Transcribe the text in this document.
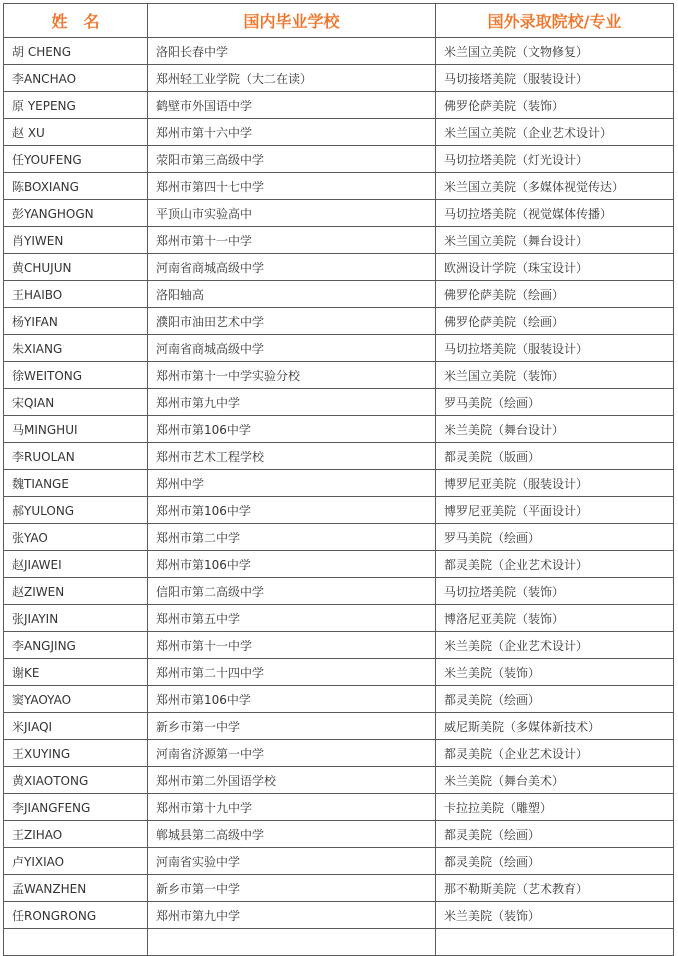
姓　名	国内毕业学校	国外录取院校/专业
胡 CHENG	洛阳长春中学	米兰国立美院（文物修复）
李ANCHAO	郑州轻工业学院（大二在读）	马切接塔美院（服装设计）
原 YEPENG	鹤壁市外国语中学	佛罗伦萨美院（装饰）
赵 XU	郑州市第十六中学	米兰国立美院（企业艺术设计）
任YOUFENG	荥阳市第三高级中学	马切拉塔美院（灯光设计）
陈BOXIANG	郑州市第四十七中学	米兰国立美院（多媒体视觉传达）
彭YANGHOGN	平顶山市实验高中	马切拉塔美院（视觉媒体传播）
肖YIWEN	郑州市第十一中学	米兰国立美院（舞台设计）
黄CHUJUN	河南省商城高级中学	欧洲设计学院（珠宝设计）
王HAIBO	洛阳轴高	佛罗伦萨美院（绘画）
杨YIFAN	濮阳市油田艺术中学	佛罗伦萨美院（绘画）
朱XIANG	河南省商城高级中学	马切拉塔美院（服装设计）
徐WEITONG	郑州市第十一中学实验分校	米兰国立美院（装饰）
宋QIAN	郑州市第九中学	罗马美院（绘画）
马MINGHUI	郑州市第106中学	米兰美院（舞台设计）
李RUOLAN	郑州市艺术工程学校	都灵美院（版画）
魏TIANGE	郑州中学	博罗尼亚美院（服装设计）
郝YULONG	郑州市第106中学	博罗尼亚美院（平面设计）
张YAO	郑州市第二中学	罗马美院（绘画）
赵JIAWEI	郑州市第106中学	都灵美院（企业艺术设计）
赵ZIWEN	信阳市第二高级中学	马切拉塔美院（装饰）
张JIAYIN	郑州市第五中学	博洛尼亚美院（装饰）
李ANGJING	郑州市第十一中学	米兰美院（企业艺术设计）
谢KE	郑州市第二十四中学	米兰美院（装饰）
窦YAOYAO	郑州市第106中学	都灵美院（绘画）
米JIAQI	新乡市第一中学	威尼斯美院（多媒体新技术）
王XUYING	河南省济源第一中学	都灵美院（企业艺术设计）
黄XIAOTONG	郑州市第二外国语学校	米兰美院（舞台美术）
李JIANGFENG	郑州市第十九中学	卡拉拉美院（雕塑）
王ZIHAO	郸城县第二高级中学	都灵美院（绘画）
卢YIXIAO	河南省实验中学	都灵美院（绘画）
孟WANZHEN	新乡市第一中学	那不勒斯美院（艺术教育）
任RONGRONG	郑州市第九中学	米兰美院（装饰）
